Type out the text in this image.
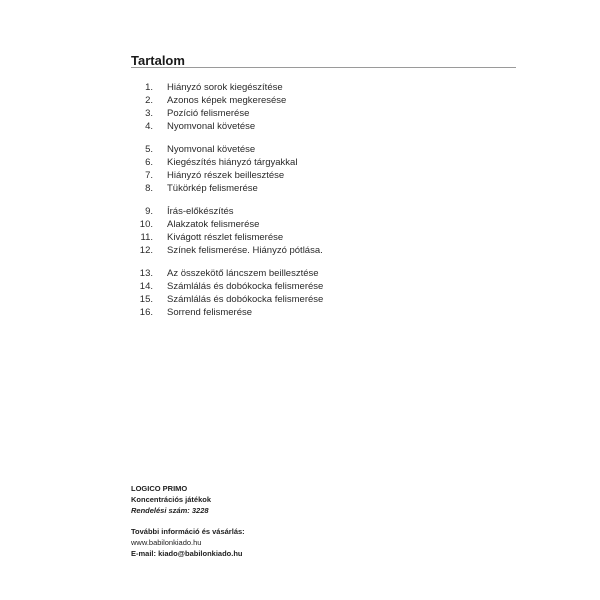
Tartalom
1.	Hiányzó sorok kiegészítése
2.	Azonos képek megkeresése
3.	Pozíció felismerése
4.	Nyomvonal követése
5.	Nyomvonal követése
6.	Kiegészítés hiányzó tárgyakkal
7.	Hiányzó részek beillesztése
8.	Tükörkép felismerése
9.	Írás-előkészítés
10.	Alakzatok felismerése
11.	Kivágott részlet felismerése
12.	Színek felismerése. Hiányzó pótlása.
13.	Az összekötő láncszem beillesztése
14.	Számlálás és dobókocka felismerése
15.	Számlálás és dobókocka felismerése
16.	Sorrend felismerése
LOGICO PRIMO
Koncentrációs játékok
Rendelési szám: 3228
További információ és vásárlás:
www.babilonkiado.hu
E-mail: kiado@babilonkiado.hu
